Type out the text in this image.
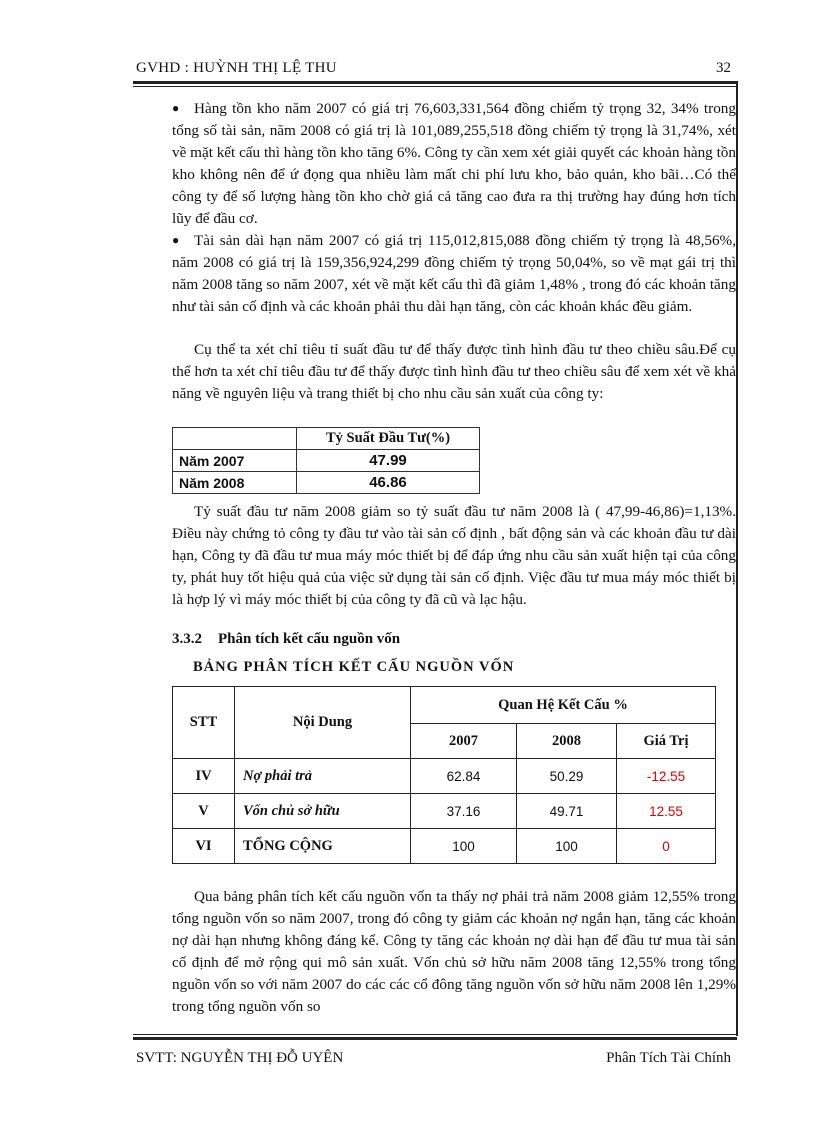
GVHD : HUỲNH THỊ LỆ THU	32
● Hàng tồn kho năm 2007 có giá trị 76,603,331,564 đồng chiếm tỷ trọng 32, 34% trong tổng số tài sản, năm 2008 có giá trị là 101,089,255,518 đồng chiếm tỷ trọng là 31,74%, xét về mặt kết cấu thì hàng tồn kho tăng 6%. Công ty cần xem xét giải quyết các khoản hàng tồn kho không nên để ứ đọng qua nhiều làm mất chi phí lưu kho, bảo quản, kho bãi…Có thể công ty để số lượng hàng tồn kho chờ giá cả tăng cao đưa ra thị trường hay đúng hơn tích lũy để đầu cơ.
● Tài sản dài hạn năm 2007 có giá trị 115,012,815,088 đồng chiếm tỷ trọng là 48,56%, năm 2008 có giá trị là 159,356,924,299 đồng chiếm tỷ trọng 50,04%, so về mạt gái trị thì năm 2008 tăng so năm 2007, xét về mặt kết cấu thì đã giảm 1,48% , trong đó các khoản tăng như tài sản cố định và các khoản phải thu dài hạn tăng, còn các khoản khác đều giảm.
Cụ thể ta xét chỉ tiêu tỉ suất đầu tư để thấy được tình hình đầu tư theo chiều sâu.Để cụ thể hơn ta xét chỉ tiêu đầu tư để thấy được tình hình đầu tư theo chiều sâu để xem xét về khả năng về nguyên liệu và trang thiết bị cho nhu cầu sản xuất của công ty:
	Tỷ Suất Đầu Tư(%)
Năm 2007	47.99
Năm 2008	46.86
Tỷ suất đầu tư năm 2008 giảm so tỷ suất đầu tư năm 2008 là ( 47,99-46,86)=1,13%. Điều này chứng tỏ công ty đầu tư vào tài sản cố định , bất động sản và các khoản đầu tư dài hạn, Công ty đã đầu tư mua máy móc thiết bị để đáp ứng nhu cầu sản xuất hiện tại của công ty, phát huy tốt hiệu quả của việc sử dụng tài sản cố định. Việc đầu tư mua máy móc thiết bị là hợp lý vì máy móc thiết bị của công ty đã cũ và lạc hậu.
3.3.2 Phân tích kết cấu nguồn vốn
BẢNG PHÂN TÍCH KẾT CẤU NGUỒN VỐN
STT	Nội Dung	Quan Hệ Kết Cấu %		
		2007	2008	Giá Trị
IV	Nợ phải trả	62.84	50.29	-12.55
V	Vốn chủ sở hữu	37.16	49.71	12.55
VI	TỔNG CỘNG	100	100	0
Qua bảng phân tích kết cấu nguồn vốn ta thấy nợ phải trả năm 2008 giảm 12,55% trong tổng nguồn vốn so năm 2007, trong đó công ty giảm các khoản nợ ngắn hạn, tăng các khoản nợ dài hạn nhưng không đáng kể. Công ty tăng các khoản nợ dài hạn để đầu tư mua tài sản cố định để mở rộng qui mô sản xuất. Vốn chủ sở hữu năm 2008 tăng 12,55% trong tổng nguồn vốn so với năm 2007 do các các cổ đông tăng nguồn vốn sở hữu năm 2008 lên 1,29% trong tổng nguồn vốn so
SVTT: NGUYỄN THỊ ĐỖ UYÊN	Phân Tích Tài Chính
